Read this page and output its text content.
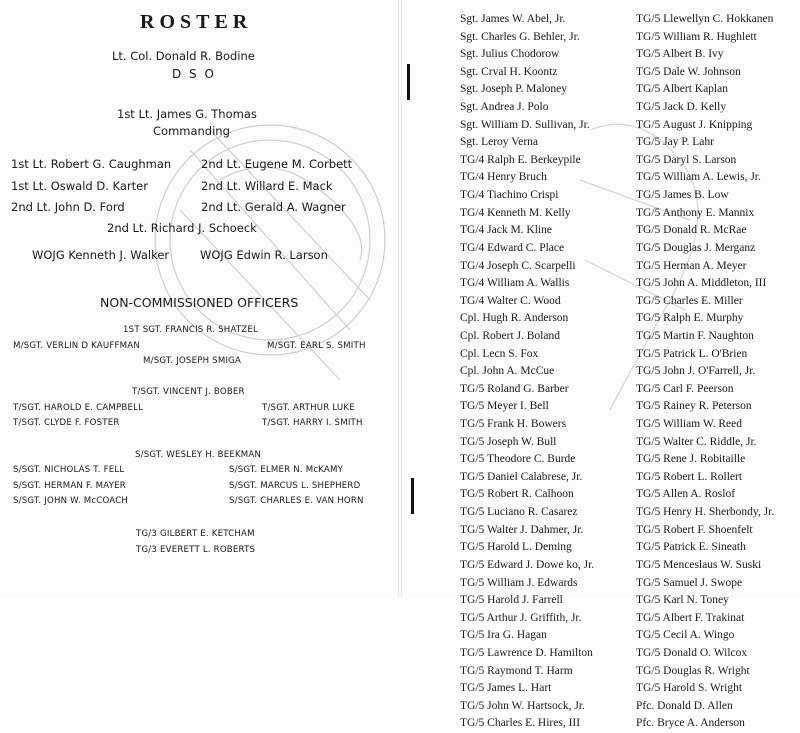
ROSTER
Lt. Col. Donald R. Bodine
D S O
1st Lt. James G. Thomas
Commanding
1st Lt. Robert G. Caughman	2nd Lt. Eugene M. Corbett
1st Lt. Oswald D. Karter	2nd Lt. Willard E. Mack
2nd Lt. John D. Ford	2nd Lt. Gerald A. Wagner
2nd Lt. Richard J. Schoeck
WOJG Kenneth J. Walker	WOJG Edwin R. Larson
NON-COMMISSIONED OFFICERS
1ST SGT. FRANCIS R. SHATZEL
M/SGT. VERLIN D KAUFFMAN	M/SGT. EARL S. SMITH
M/SGT. JOSEPH SMIGA
T/SGT. VINCENT J. BOBER
T/SGT. HAROLD E. CAMPBELL	T/SGT. ARTHUR LUKE
T/SGT. CLYDE F. FOSTER	T/SGT. HARRY I. SMITH
S/SGT. WESLEY H. BEEKMAN
S/SGT. NICHOLAS T. FELL	S/SGT. ELMER N. McKAMY
S/SGT. HERMAN F. MAYER	S/SGT. MARCUS L. SHEPHERD
S/SGT. JOHN W. McCOACH	S/SGT. CHARLES E. VAN HORN
TG/3 GILBERT E. KETCHAM
TG/3 EVERETT L. ROBERTS
Sgt. James W. Abel, Jr.
Sgt. Charles G. Behler, Jr.
Sgt. Julius Chodorow
Sgt. Crval H. Koontz
Sgt. Joseph P. Maloney
Sgt. Andrea J. Polo
Sgt. William D. Sullivan, Jr.
Sgt. Leroy Verna
TG/4 Ralph E. Berkeypile
TG/4 Henry Bruch
TG/4 Tiachino Crispi
TG/4 Kenneth M. Kelly
TG/4 Jack M. Kline
TG/4 Edward C. Place
TG/4 Joseph C. Scarpelli
TG/4 William A. Wallis
TG/4 Walter C. Wood
Cpl. Hugh R. Anderson
Cpl. Robert J. Boland
Cpl. Lecn S. Fox
Cpl. John A. McCue
TG/5 Roland G. Barber
TG/5 Meyer I. Bell
TG/5 Frank H. Bowers
TG/5 Joseph W. Bull
TG/5 Theodore C. Burde
TG/5 Daniel Calabrese, Jr.
TG/5 Robert R. Calhoon
TG/5 Luciano R. Casarez
TG/5 Walter J. Dahmer, Jr.
TG/5 Harold L. Deming
TG/5 Edward J. Dowe ko, Jr.
TG/5 William J. Edwards
TG/5 Harold J. Farrell
TG/5 Arthur J. Griffith, Jr.
TG/5 Ira G. Hagan
TG/5 Lawrence D. Hamilton
TG/5 Raymond T. Harm
TG/5 James L. Hart
TG/5 John W. Hartsock, Jr.
TG/5 Charles E. Hires, III
TG/5 Llewellyn C. Hokkanen
TG/5 William R. Hughlett
TG/5 Albert B. Ivy
TG/5 Dale W. Johnson
TG/5 Albert Kaplan
TG/5 Jack D. Kelly
TG/5 August J. Knipping
TG/5 Jay P. Lahr
TG/5 Daryl S. Larson
TG/5 William A. Lewis, Jr.
TG/5 James B. Low
TG/5 Anthony E. Mannix
TG/5 Donald R. McRae
TG/5 Douglas J. Merganz
TG/5 Herman A. Meyer
TG/5 John A. Middleton, III
TG/5 Charles E. Miller
TG/5 Ralph E. Murphy
TG/5 Martin F. Naughton
TG/5 Patrick L. O'Brien
TG/5 John J. O'Farrell, Jr.
TG/5 Carl F. Peerson
TG/5 Rainey R. Peterson
TG/5 William W. Reed
TG/5 Walter C. Riddle, Jr.
TG/5 Rene J. Robitaille
TG/5 Robert L. Rollert
TG/5 Allen A. Roslof
TG/5 Henry H. Sherbondy, Jr.
TG/5 Robert F. Shoenfelt
TG/5 Patrick E. Sineath
TG/5 Menceslaus W. Suski
TG/5 Samuel J. Swope
TG/5 Karl N. Toney
TG/5 Albert F. Trakinat
TG/5 Cecil A. Wingo
TG/5 Donald O. Wilcox
TG/5 Douglas R. Wright
TG/5 Harold S. Wright
Pfc. Donald D. Allen
Pfc. Bryce A. Anderson
